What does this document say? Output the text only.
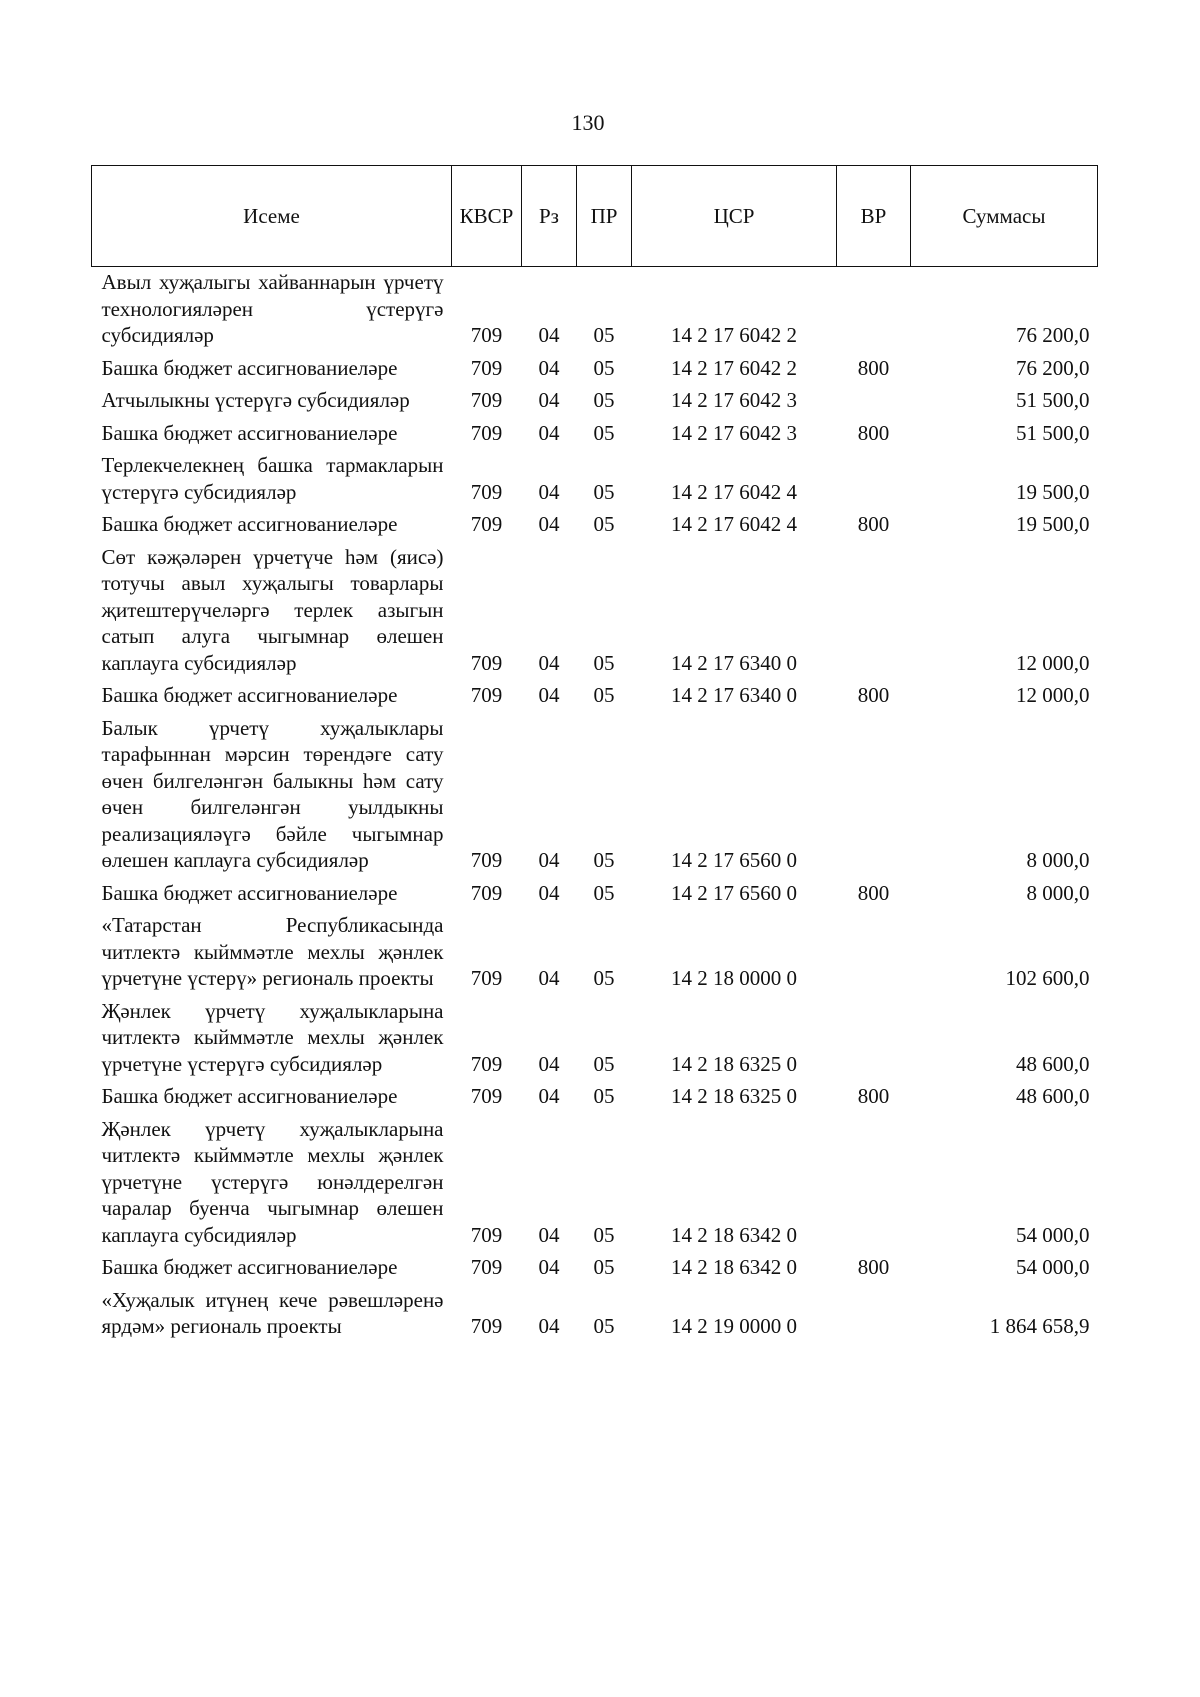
130
Исеме	КВСР	Рз	ПР	ЦСР	ВР	Суммасы
Авыл хуҗалыгы хайваннарын үрчетү технологияләрен үстерүгә субсидияләр	709	04	05	14 2 17 6042 2		76 200,0
Башка бюджет ассигнованиеләре	709	04	05	14 2 17 6042 2	800	76 200,0
Атчылыкны үстерүгә субсидияләр	709	04	05	14 2 17 6042 3		51 500,0
Башка бюджет ассигнованиеләре	709	04	05	14 2 17 6042 3	800	51 500,0
Терлекчелекнең башка тармакларын үстерүгә субсидияләр	709	04	05	14 2 17 6042 4		19 500,0
Башка бюджет ассигнованиеләре	709	04	05	14 2 17 6042 4	800	19 500,0
Сөт кәҗәләрен үрчетүче һәм (яисә) тотучы авыл хуҗалыгы товарлары җитештерүчеләргә терлек азыгын сатып алуга чыгымнар өлешен каплауга субсидияләр	709	04	05	14 2 17 6340 0		12 000,0
Башка бюджет ассигнованиеләре	709	04	05	14 2 17 6340 0	800	12 000,0
Балык үрчетү хуҗалыклары тарафыннан мәрсин төрендәге сату өчен билгеләнгән балыкны һәм сату өчен билгеләнгән уылдыкны реализацияләүгә бәйле чыгымнар өлешен каплауга субсидияләр	709	04	05	14 2 17 6560 0		8 000,0
Башка бюджет ассигнованиеләре	709	04	05	14 2 17 6560 0	800	8 000,0
«Татарстан Республикасында читлектә кыйммәтле мехлы җәнлек үрчетүне үстерү» региональ проекты	709	04	05	14 2 18 0000 0		102 600,0
Җәнлек үрчетү хуҗалыкларына читлектә кыйммәтле мехлы җәнлек үрчетүне үстерүгә субсидияләр	709	04	05	14 2 18 6325 0		48 600,0
Башка бюджет ассигнованиеләре	709	04	05	14 2 18 6325 0	800	48 600,0
Җәнлек үрчетү хуҗалыкларына читлектә кыйммәтле мехлы җәнлек үрчетүне үстерүгә юнәлдерелгән чаралар буенча чыгымнар өлешен каплауга субсидияләр	709	04	05	14 2 18 6342 0		54 000,0
Башка бюджет ассигнованиеләре	709	04	05	14 2 18 6342 0	800	54 000,0
«Хуҗалык итүнең кече рәвешләренә ярдәм» региональ проекты	709	04	05	14 2 19 0000 0		1 864 658,9
